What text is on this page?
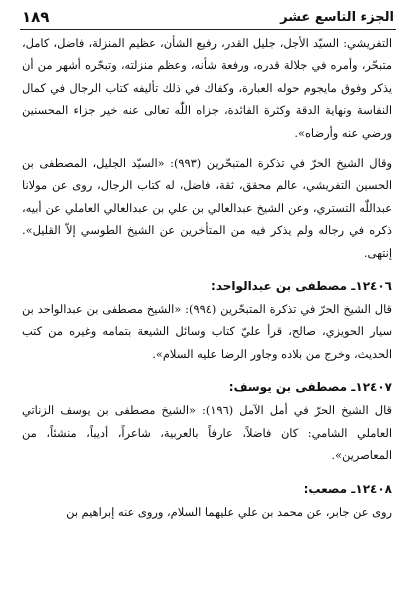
١٨٩	الجزء التاسع عشر

التفريشي: السيّد الأجل، جليل القدر، رفيع الشأن، عظيم المنزلة، فاضل، كامل، متبحّر، وأمره في جلالة قدره، ورفعة شأنه، وعظم منزلته، وتبحّره أشهر من أن يذكر وفوق مايجوم حوله العبارة، وكفاك في ذلك تأليفه كتاب الرجال في كمال النفاسة ونهاية الدقة وكثرة الفائدة، جزاه اللّٰه تعالى عنه خير جزاء المحسنين ورضي عنه وأرضاه».

وقال الشيخ الحرّ في تذكرة المتبحّرين (٩٩٣): «السيّد الجليل، المصطفى بن الحسين التفريشي، عالم محقق، ثقة، فاضل، له كتاب الرجال، روى عن مولانا عبداللّٰه التستري، وعن الشيخ عبدالعالي بن علي بن عبدالعالي العاملي عن أبيه، ذكره في رجاله ولم يذكر فيه من المتأخرين عن الشيخ الطوسي إلاّ القليل». إنتهى.

١٢٤٠٦ـ مصطفى بن عبدالواحد:

قال الشيخ الحرّ في تذكرة المتبحّرين (٩٩٤): «الشيخ مصطفى بن عبدالواحد بن سيار الحويزي، صالح، قرأ عليّ كتاب وسائل الشيعة بتمامه وغيره من كتب الحديث، وخرج من بلاده وجاور الرضا عليه السلام».

١٢٤٠٧ـ مصطفى بن يوسف:

قال الشيخ الحرّ في أمل الآمل (١٩٦): «الشيخ مصطفى بن يوسف الزناتي العاملي الشامي: كان فاضلاً، عارفاً بالعربية، شاعراً، أديباً، منشئاً، من المعاصرين».

١٢٤٠٨ـ مصعب:

روى عن جابر، عن محمد بن علي عليهما السلام، وروى عنه إبراهيم بن
